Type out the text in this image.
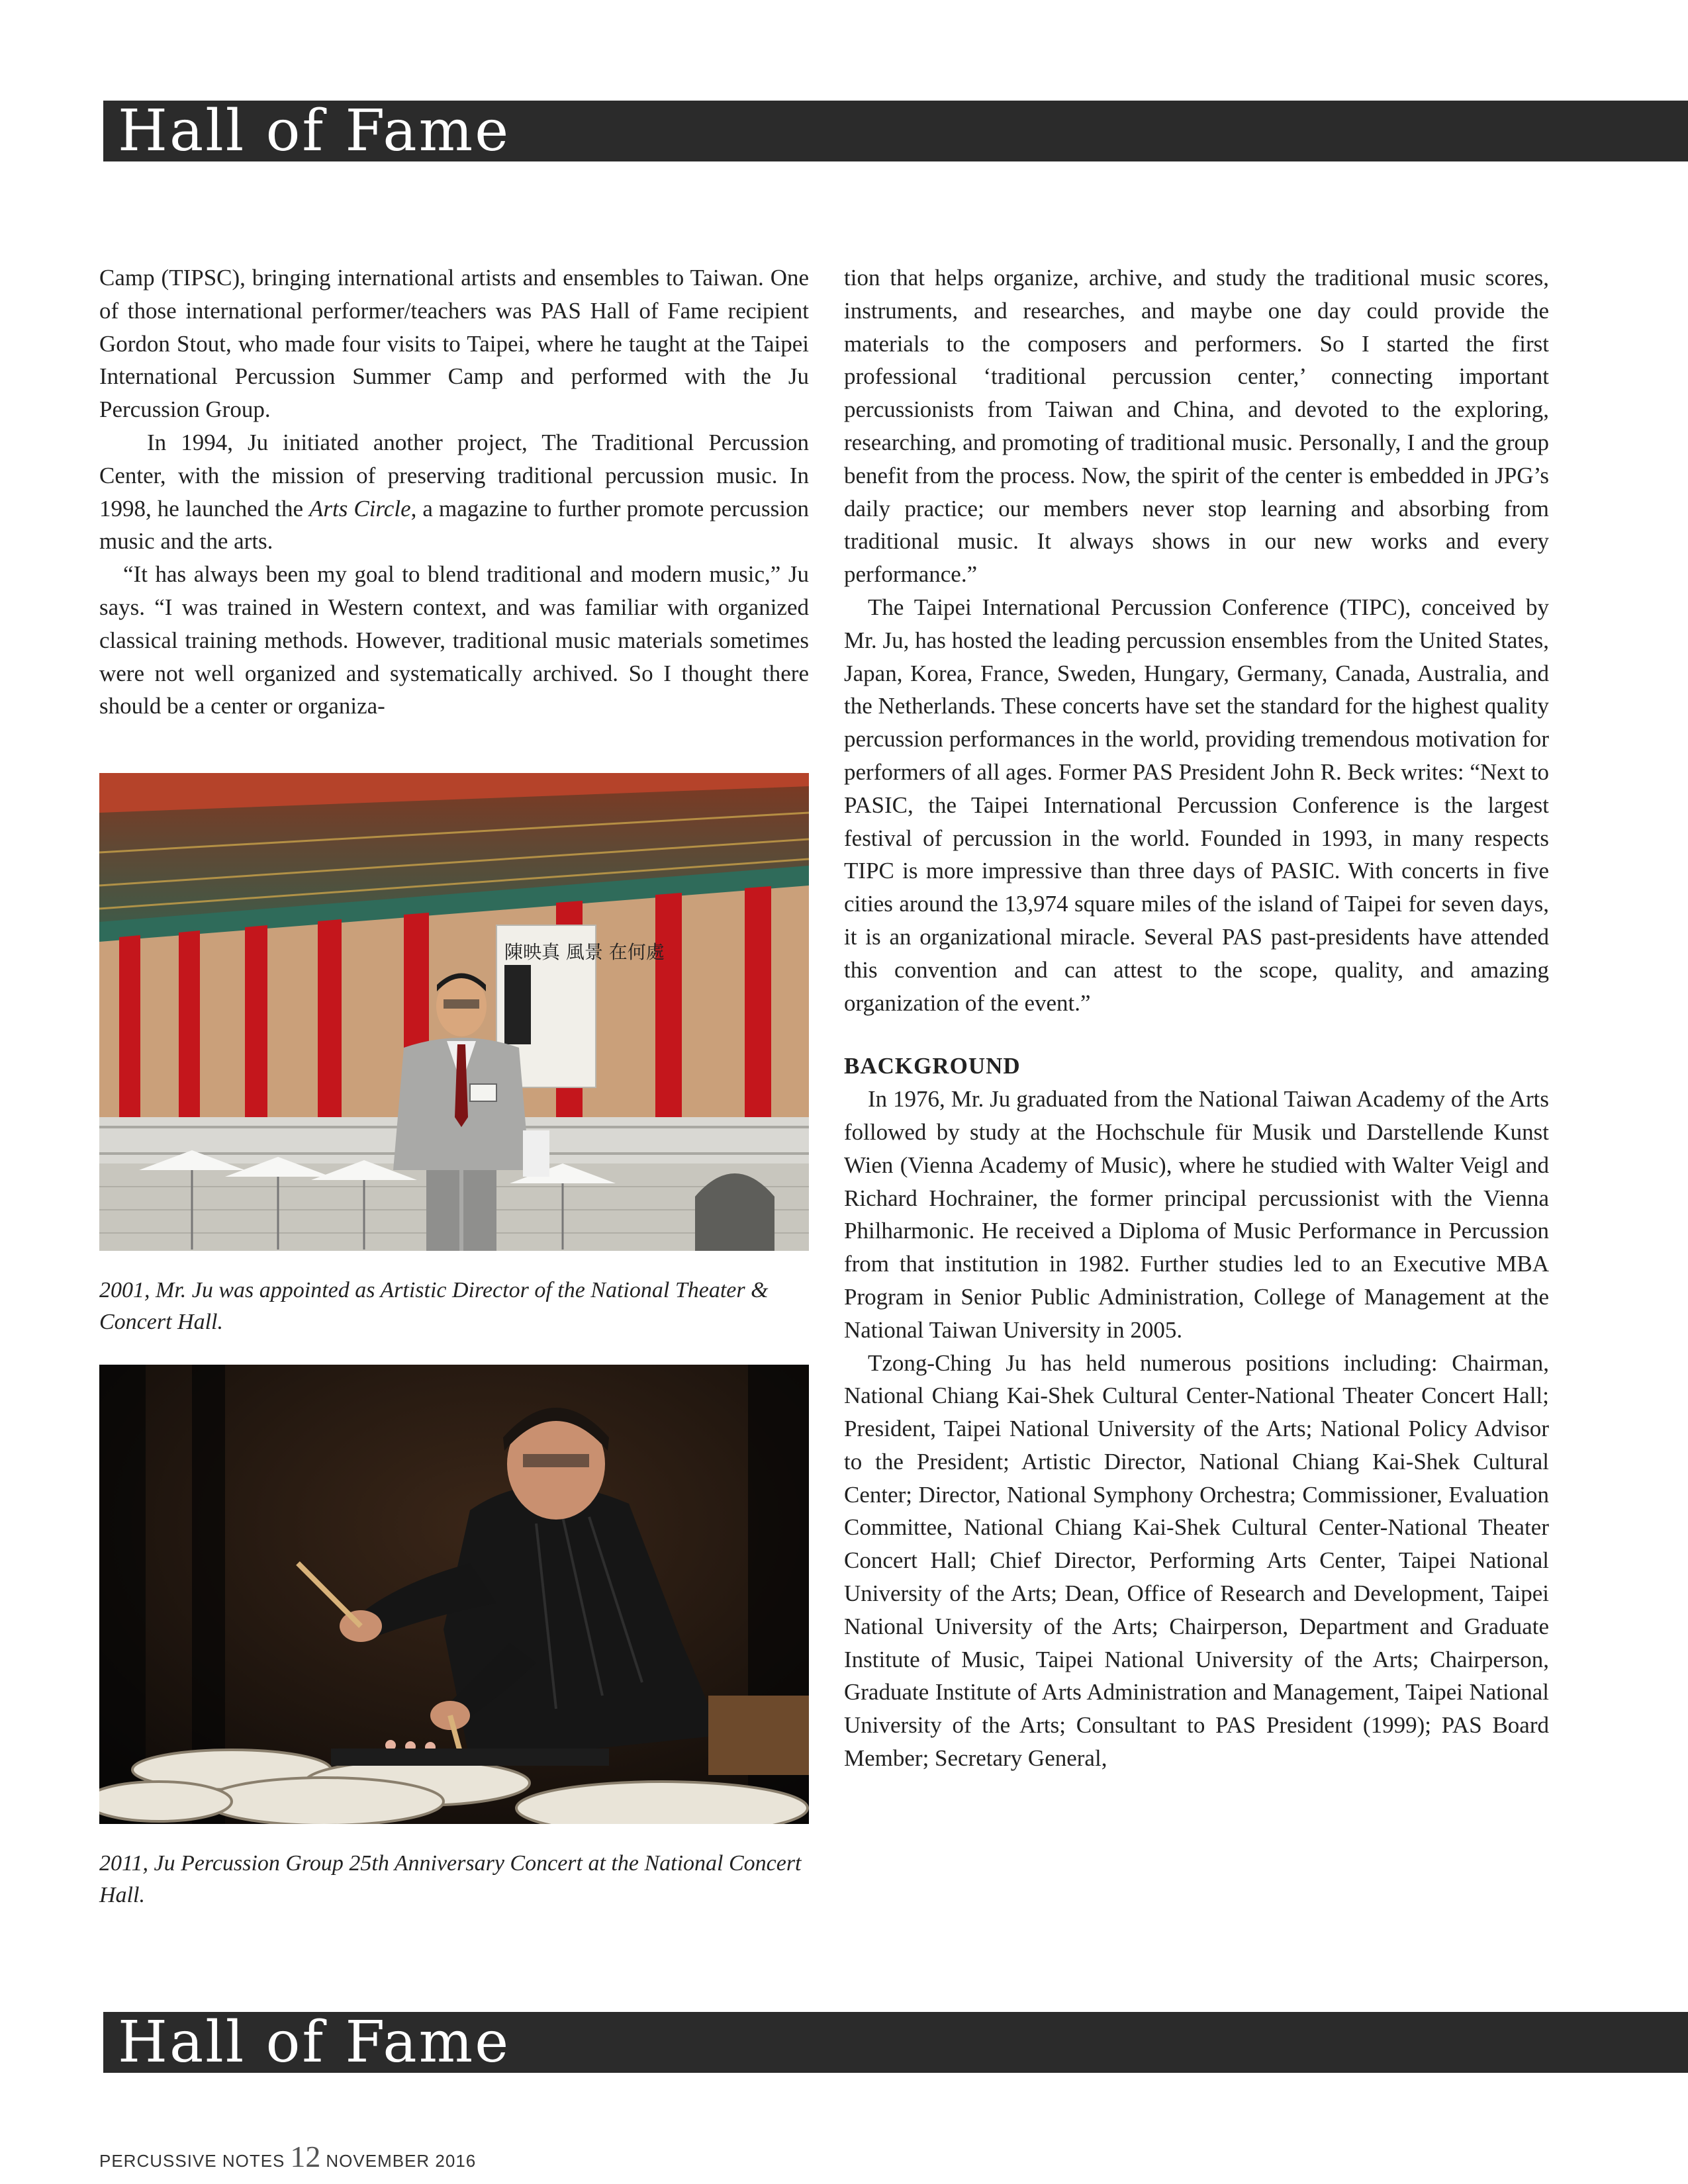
Hall of Fame

Camp (TIPSC), bringing international artists and ensembles to Taiwan. One of those international performer/teachers was PAS Hall of Fame recipient Gordon Stout, who made four visits to Taipei, where he taught at the Taipei International Percussion Summer Camp and performed with the Ju Percussion Group.

In 1994, Ju initiated another project, The Traditional Percussion Center, with the mission of preserving traditional percussion music. In 1998, he launched the Arts Circle, a magazine to further promote percussion music and the arts.

“It has always been my goal to blend traditional and modern music,” Ju says. “I was trained in Western context, and was familiar with organized classical training methods. However, traditional music materials sometimes were not well organized and systematically archived. So I thought there should be a center or organiza-

陳映真 風景 在何處
2001, Mr. Ju was appointed as Artistic Director of the National Theater & Concert Hall.
2011, Ju Percussion Group 25th Anniversary Concert at the National Concert Hall.

tion that helps organize, archive, and study the traditional music scores, instruments, and researches, and maybe one day could provide the materials to the composers and performers. So I started the first professional ‘traditional percussion center,’ connecting important percussionists from Taiwan and China, and devoted to the exploring, researching, and promoting of traditional music. Personally, I and the group benefit from the process. Now, the spirit of the center is embedded in JPG’s daily practice; our members never stop learning and absorbing from traditional music. It always shows in our new works and every performance.”

The Taipei International Percussion Conference (TIPC), conceived by Mr. Ju, has hosted the leading percussion ensembles from the United States, Japan, Korea, France, Sweden, Hungary, Germany, Canada, Australia, and the Netherlands. These concerts have set the standard for the highest quality percussion performances in the world, providing tremendous motivation for performers of all ages. Former PAS President John R. Beck writes: “Next to PASIC, the Taipei International Percussion Conference is the largest festival of percussion in the world. Founded in 1993, in many respects TIPC is more impressive than three days of PASIC. With concerts in five cities around the 13,974 square miles of the island of Taipei for seven days, it is an organizational miracle. Several PAS past-presidents have attended this convention and can attest to the scope, quality, and amazing organization of the event.”

BACKGROUND

In 1976, Mr. Ju graduated from the National Taiwan Academy of the Arts followed by study at the Hochschule für Musik und Darstellende Kunst Wien (Vienna Academy of Music), where he studied with Walter Veigl and Richard Hochrainer, the former principal percussionist with the Vienna Philharmonic. He received a Diploma of Music Performance in Percussion from that institution in 1982. Further studies led to an Executive MBA Program in Senior Public Administration, College of Management at the National Taiwan University in 2005.

Tzong-Ching Ju has held numerous positions including: Chairman, National Chiang Kai-Shek Cultural Center-National Theater Concert Hall; President, Taipei National University of the Arts; National Policy Advisor to the President; Artistic Director, National Chiang Kai-Shek Cultural Center; Director, National Symphony Orchestra; Commissioner, Evaluation Committee, National Chiang Kai-Shek Cultural Center-National Theater Concert Hall; Chief Director, Performing Arts Center, Taipei National University of the Arts; Dean, Office of Research and Development, Taipei National University of the Arts; Chairperson, Department and Graduate Institute of Music, Taipei National University of the Arts; Chairperson, Graduate Institute of Arts Administration and Management, Taipei National University of the Arts; Consultant to PAS President (1999); PAS Board Member; Secretary General,

Hall of Fame
PERCUSSIVE NOTES 12 NOVEMBER 2016
